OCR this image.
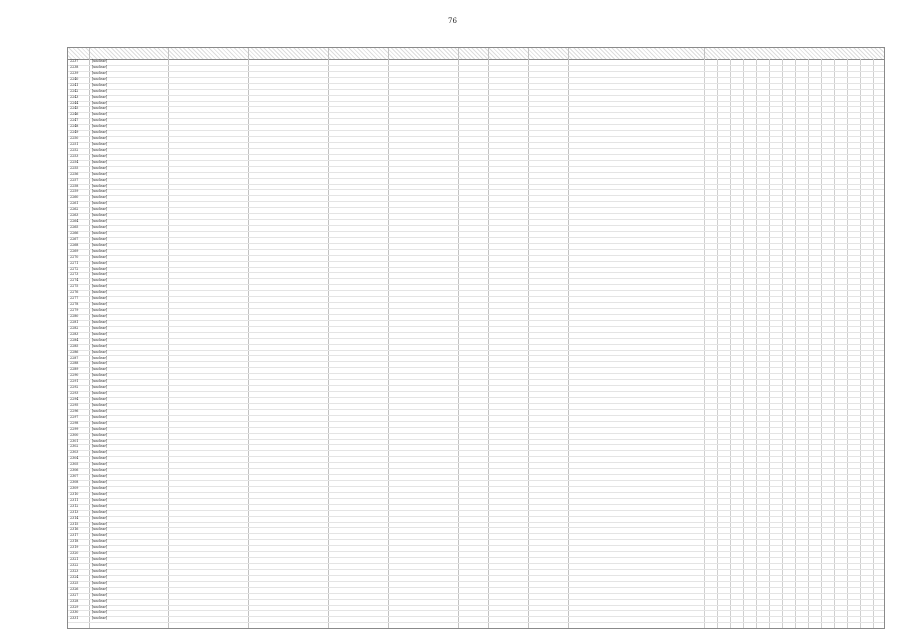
76
2237	[unclear]
2238	[unclear]
2239	[unclear]
2240	[unclear]
2241	[unclear]
2242	[unclear]
2243	[unclear]
2244	[unclear]
2245	[unclear]
2246	[unclear]
2247	[unclear]
2248	[unclear]
2249	[unclear]
2250	[unclear]
2251	[unclear]
2252	[unclear]
2253	[unclear]
2254	[unclear]
2255	[unclear]
2256	[unclear]
2257	[unclear]
2258	[unclear]
2259	[unclear]
2260	[unclear]
2261	[unclear]
2262	[unclear]
2263	[unclear]
2264	[unclear]
2265	[unclear]
2266	[unclear]
2267	[unclear]
2268	[unclear]
2269	[unclear]
2270	[unclear]
2271	[unclear]
2272	[unclear]
2273	[unclear]
2274	[unclear]
2275	[unclear]
2276	[unclear]
2277	[unclear]
2278	[unclear]
2279	[unclear]
2280	[unclear]
2281	[unclear]
2282	[unclear]
2283	[unclear]
2284	[unclear]
2285	[unclear]
2286	[unclear]
2287	[unclear]
2288	[unclear]
2289	[unclear]
2290	[unclear]
2291	[unclear]
2292	[unclear]
2293	[unclear]
2294	[unclear]
2295	[unclear]
2296	[unclear]
2297	[unclear]
2298	[unclear]
2299	[unclear]
2300	[unclear]
2301	[unclear]
2302	[unclear]
2303	[unclear]
2304	[unclear]
2305	[unclear]
2306	[unclear]
2307	[unclear]
2308	[unclear]
2309	[unclear]
2310	[unclear]
2311	[unclear]
2312	[unclear]
2313	[unclear]
2314	[unclear]
2315	[unclear]
2316	[unclear]
2317	[unclear]
2318	[unclear]
2319	[unclear]
2320	[unclear]
2321	[unclear]
2322	[unclear]
2323	[unclear]
2324	[unclear]
2325	[unclear]
2326	[unclear]
2327	[unclear]
2328	[unclear]
2329	[unclear]
2330	[unclear]
2331	[unclear]
